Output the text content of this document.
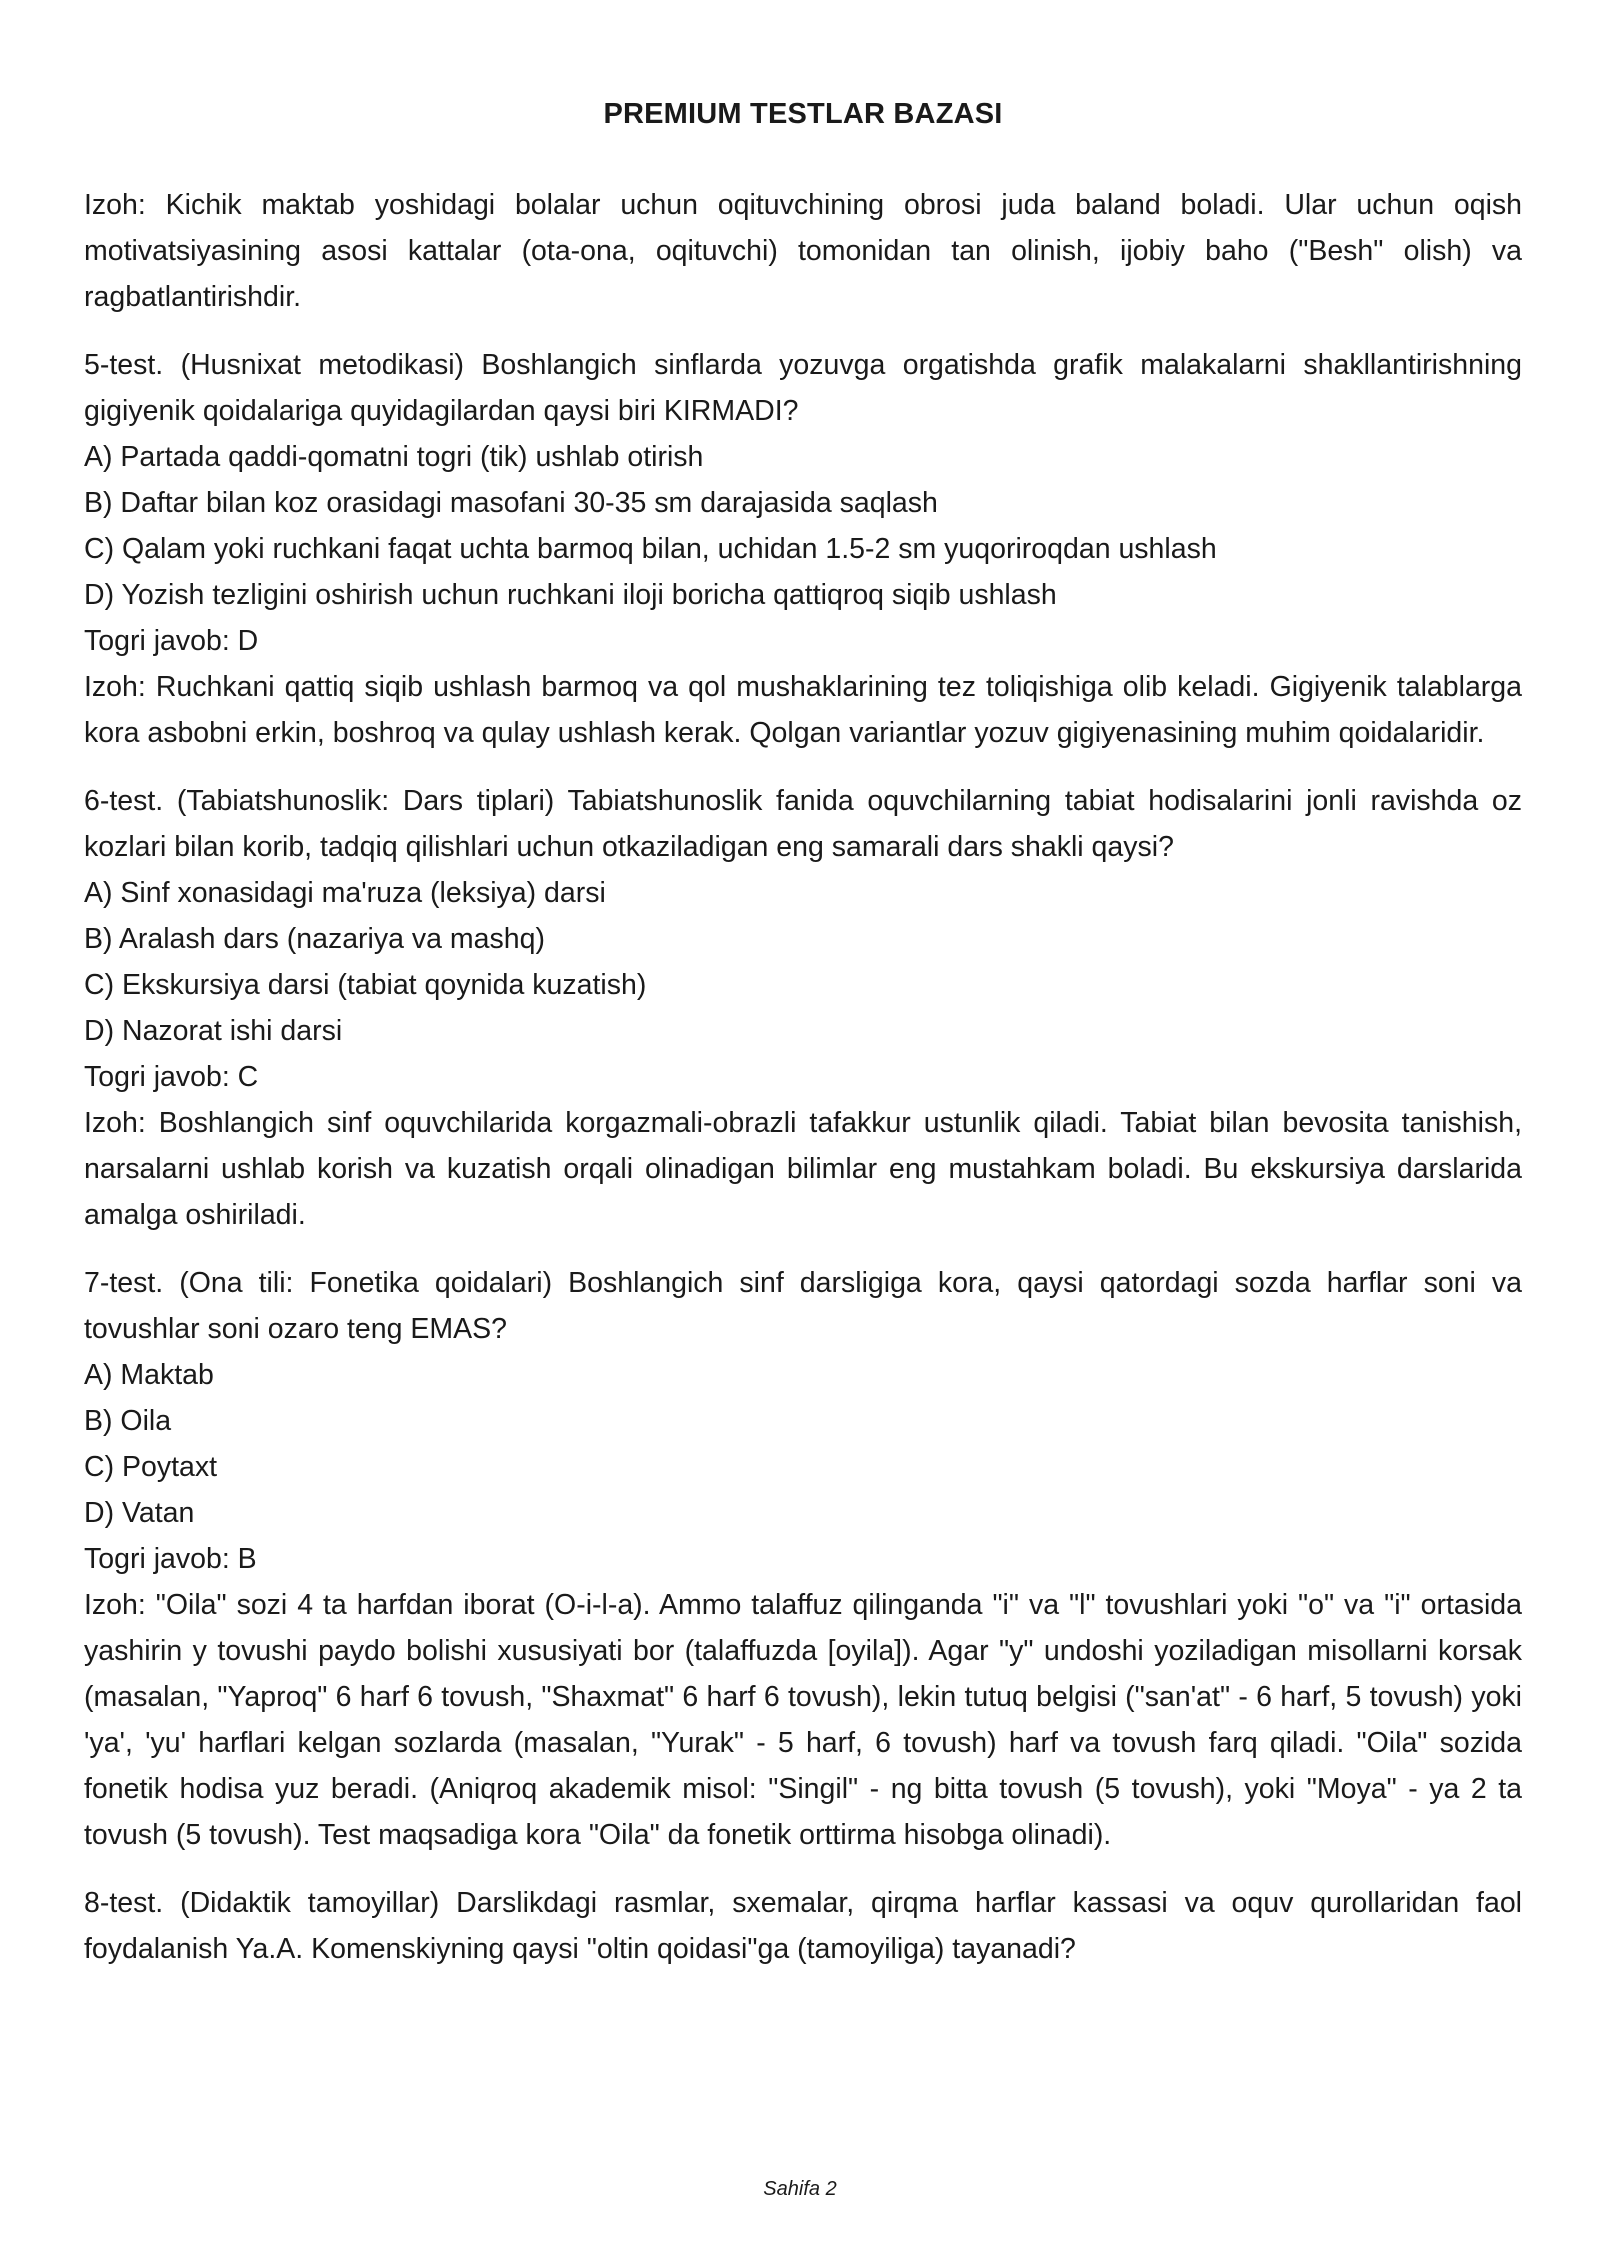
PREMIUM TESTLAR BAZASI

Izoh: Kichik maktab yoshidagi bolalar uchun oqituvchining obrosi juda baland boladi. Ular uchun oqish motivatsiyasining asosi kattalar (ota-ona, oqituvchi) tomonidan tan olinish, ijobiy baho ("Besh" olish) va ragbatlantirishdir.

5-test. (Husnixat metodikasi) Boshlangich sinflarda yozuvga orgatishda grafik malakalarni shakllantirishning gigiyenik qoidalariga quyidagilardan qaysi biri KIRMADI?

A) Partada qaddi-qomatni togri (tik) ushlab otirish

B) Daftar bilan koz orasidagi masofani 30-35 sm darajasida saqlash

C) Qalam yoki ruchkani faqat uchta barmoq bilan, uchidan 1.5-2 sm yuqoriroqdan ushlash

D) Yozish tezligini oshirish uchun ruchkani iloji boricha qattiqroq siqib ushlash

Togri javob: D

Izoh: Ruchkani qattiq siqib ushlash barmoq va qol mushaklarining tez toliqishiga olib keladi. Gigiyenik talablarga kora asbobni erkin, boshroq va qulay ushlash kerak. Qolgan variantlar yozuv gigiyenasining muhim qoidalaridir.

6-test. (Tabiatshunoslik: Dars tiplari) Tabiatshunoslik fanida oquvchilarning tabiat hodisalarini jonli ravishda oz kozlari bilan korib, tadqiq qilishlari uchun otkaziladigan eng samarali dars shakli qaysi?

A) Sinf xonasidagi ma'ruza (leksiya) darsi

B) Aralash dars (nazariya va mashq)

C) Ekskursiya darsi (tabiat qoynida kuzatish)

D) Nazorat ishi darsi

Togri javob: C

Izoh: Boshlangich sinf oquvchilarida korgazmali-obrazli tafakkur ustunlik qiladi. Tabiat bilan bevosita tanishish, narsalarni ushlab korish va kuzatish orqali olinadigan bilimlar eng mustahkam boladi. Bu ekskursiya darslarida amalga oshiriladi.

7-test. (Ona tili: Fonetika qoidalari) Boshlangich sinf darsligiga kora, qaysi qatordagi sozda harflar soni va tovushlar soni ozaro teng EMAS?

A) Maktab

B) Oila

C) Poytaxt

D) Vatan

Togri javob: B

Izoh: "Oila" sozi 4 ta harfdan iborat (O-i-l-a). Ammo talaffuz qilinganda "i" va "l" tovushlari yoki "o" va "i" ortasida yashirin y tovushi paydo bolishi xususiyati bor (talaffuzda [oyila]). Agar "y" undoshi yoziladigan misollarni korsak (masalan, "Yaproq" 6 harf 6 tovush, "Shaxmat" 6 harf 6 tovush), lekin tutuq belgisi ("san'at" - 6 harf, 5 tovush) yoki 'ya', 'yu' harflari kelgan sozlarda (masalan, "Yurak" - 5 harf, 6 tovush) harf va tovush farq qiladi. "Oila" sozida fonetik hodisa yuz beradi. (Aniqroq akademik misol: "Singil" - ng bitta tovush (5 tovush), yoki "Moya" - ya 2 ta tovush (5 tovush). Test maqsadiga kora "Oila" da fonetik orttirma hisobga olinadi).

8-test. (Didaktik tamoyillar) Darslikdagi rasmlar, sxemalar, qirqma harflar kassasi va oquv qurollaridan faol foydalanish Ya.A. Komenskiyning qaysi "oltin qoidasi"ga (tamoyiliga) tayanadi?

Sahifa 2
